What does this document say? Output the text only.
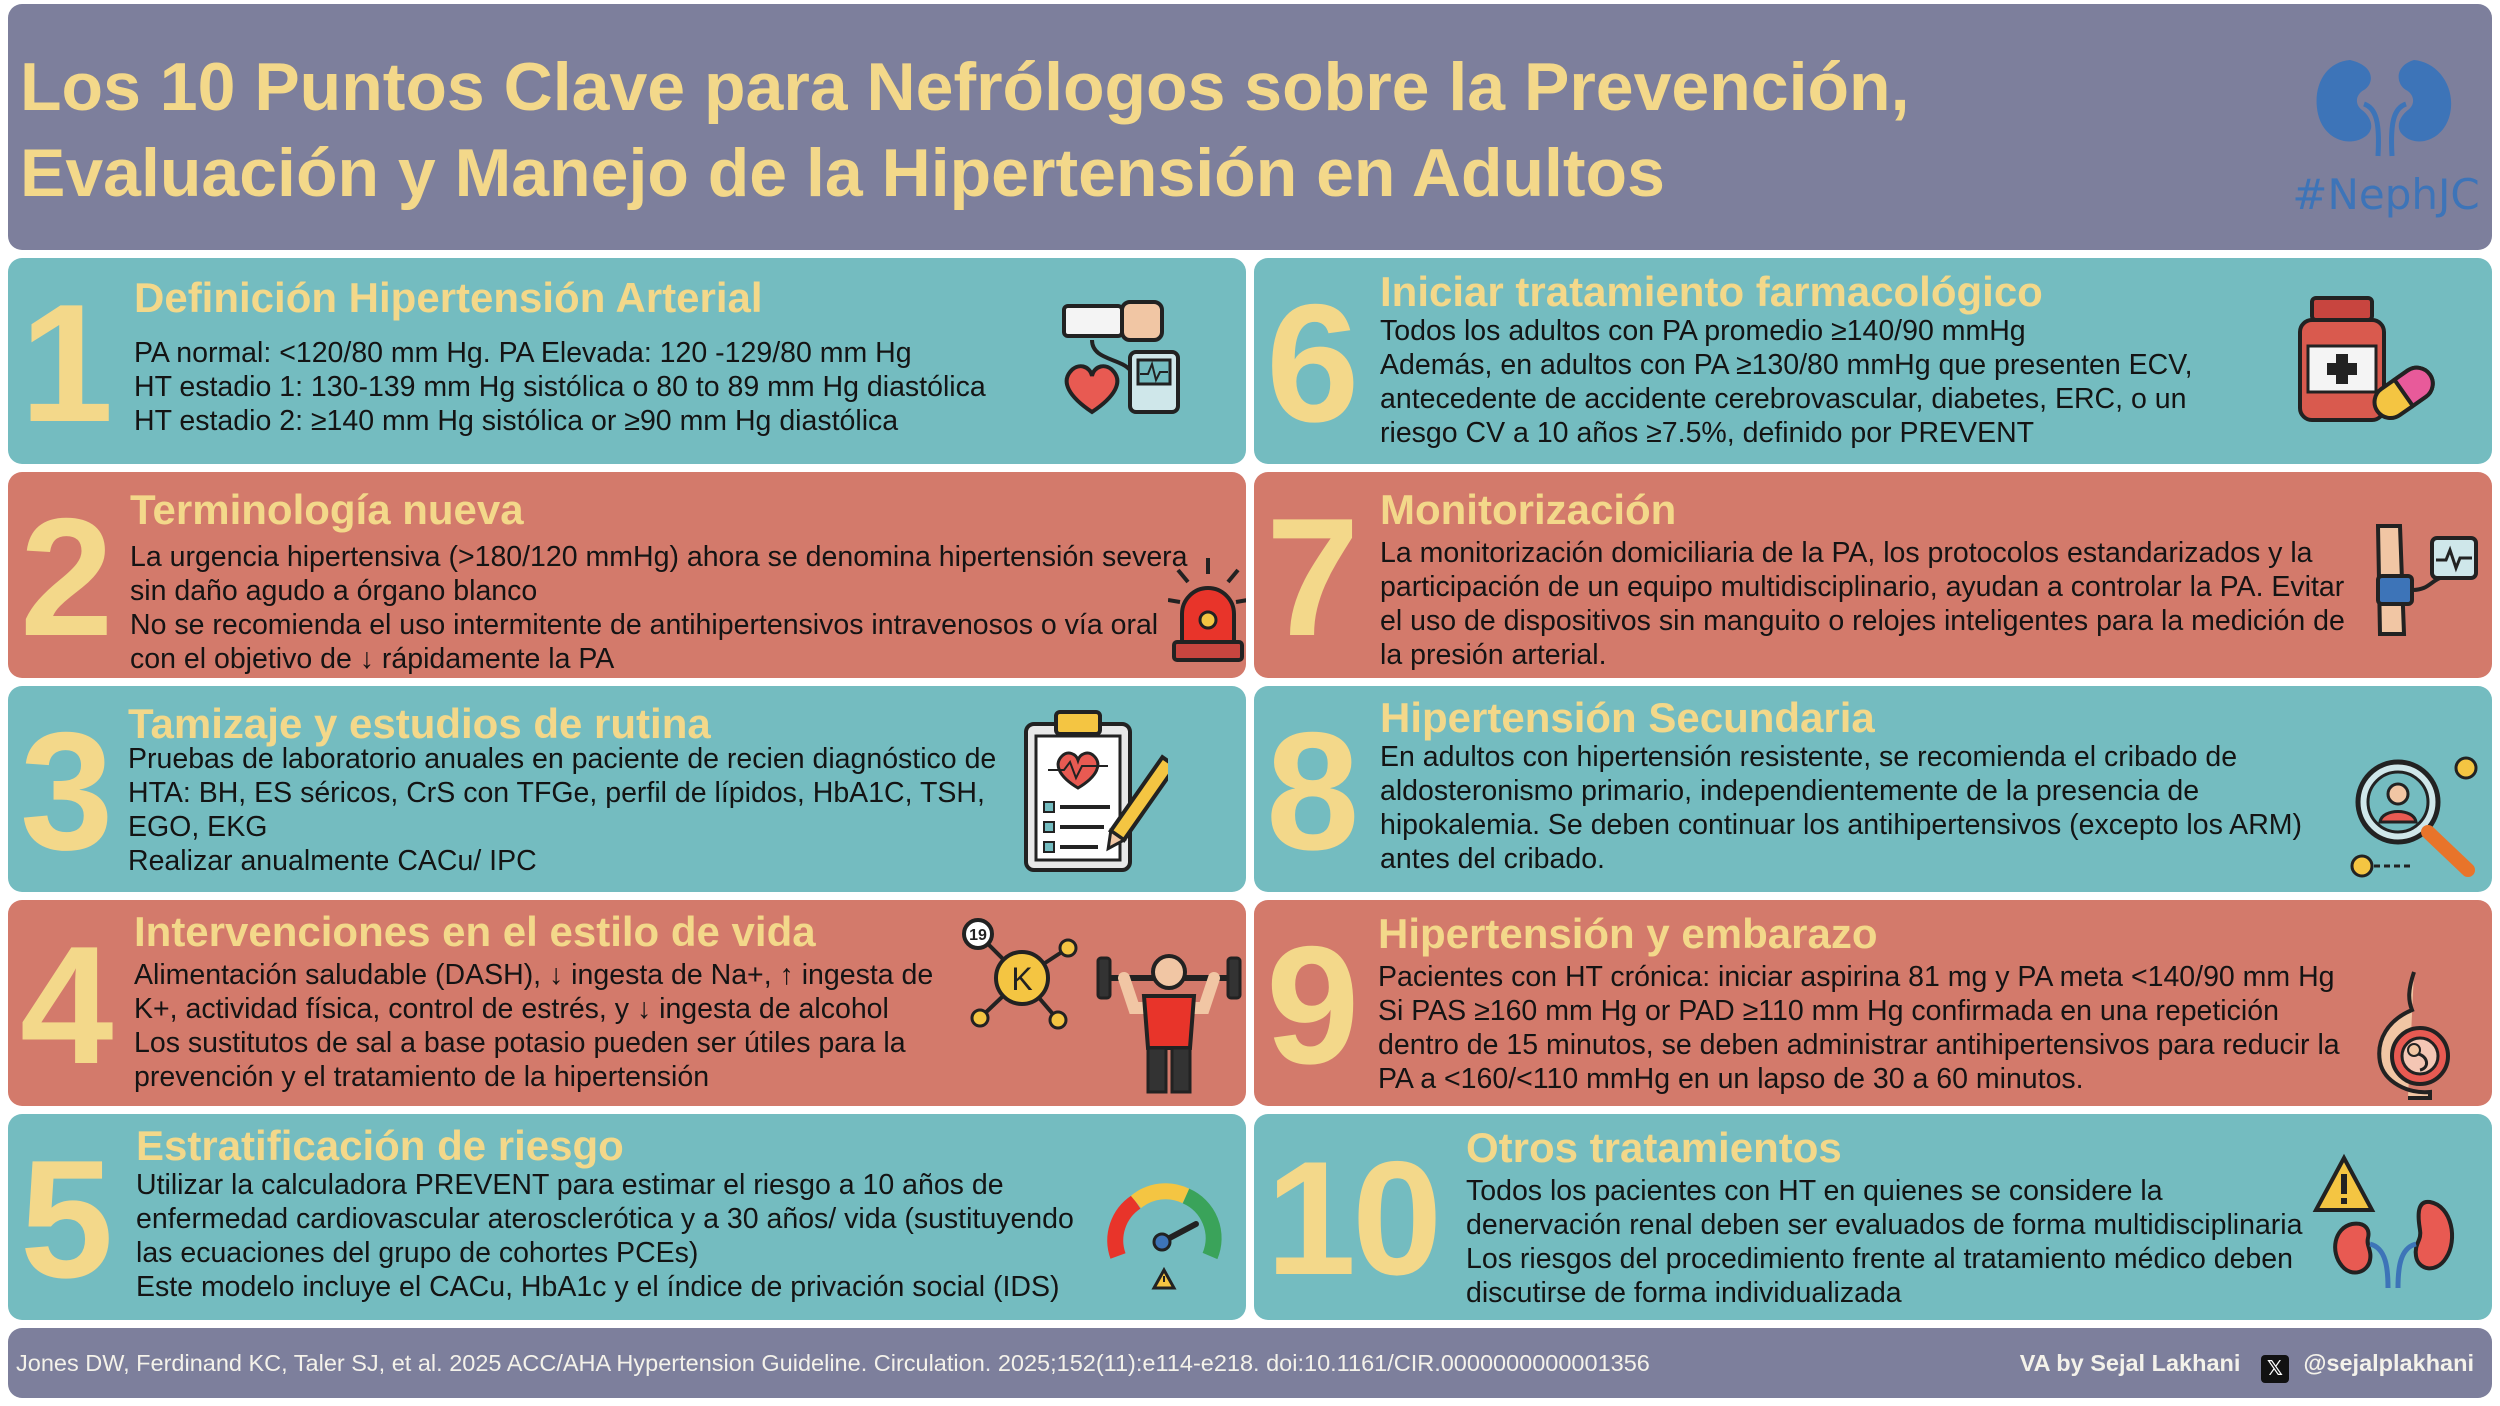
Los 10 Puntos Clave para Nefrólogos sobre la Prevención,
Evaluación y Manejo de la Hipertensión en Adultos	#NephJC
1 Definición Hipertensión Arterial
PA normal: <120/80 mm Hg. PA Elevada: 120 -129/80 mm Hg
HT estadio 1: 130-139 mm Hg sistólica o 80 to 89 mm Hg diastólica
HT estadio 2: ≥140 mm Hg sistólica or ≥90 mm Hg diastólica	6 Iniciar tratamiento farmacológico
Todos los adultos con PA promedio ≥140/90 mmHg
Además, en adultos con PA ≥130/80 mmHg que presenten ECV,
antecedente de accidente cerebrovascular, diabetes, ERC, o un
riesgo CV a 10 años ≥7.5%, definido por PREVENT
2 Terminología nueva
La urgencia hipertensiva (>180/120 mmHg) ahora se denomina hipertensión severa
sin daño agudo a órgano blanco
No se recomienda el uso intermitente de antihipertensivos intravenosos o vía oral
con el objetivo de ↓ rápidamente la PA	7 Monitorización
La monitorización domiciliaria de la PA, los protocolos estandarizados y la
participación de un equipo multidisciplinario, ayudan a controlar la PA. Evitar
el uso de dispositivos sin manguito o relojes inteligentes para la medición de
la presión arterial.
3 Tamizaje y estudios de rutina
Pruebas de laboratorio anuales en paciente de recien diagnóstico de
HTA: BH, ES séricos, CrS con TFGe, perfil de lípidos, HbA1C, TSH,
EGO, EKG
Realizar anualmente CACu/ IPC	8 Hipertensión Secundaria
En adultos con hipertensión resistente, se recomienda el cribado de
aldosteronismo primario, independientemente de la presencia de
hipokalemia. Se deben continuar los antihipertensivos (excepto los ARM)
antes del cribado.
4 Intervenciones en el estilo de vida
Alimentación saludable (DASH), ↓ ingesta de Na+, ↑ ingesta de
K+, actividad física, control de estrés, y ↓ ingesta de alcohol
Los sustitutos de sal a base potasio pueden ser útiles para la
prevención y el tratamiento de la hipertensión
19
K 9 Hipertensión y embarazo
Pacientes con HT crónica: iniciar aspirina 81 mg y PA meta <140/90 mm Hg
Si PAS ≥160 mm Hg or PAD ≥110 mm Hg confirmada en una repetición
dentro de 15 minutos, se deben administrar antihipertensivos para reducir la
PA a <160/<110 mmHg en un lapso de 30 a 60 minutos.
5 Estratificación de riesgo
Utilizar la calculadora PREVENT para estimar el riesgo a 10 años de
enfermedad cardiovascular aterosclerótica y a 30 años/ vida (sustituyendo
las ecuaciones del grupo de cohortes PCEs)
Este modelo incluye el CACu, HbA1c y el índice de privación social (IDS) 10 Otros tratamientos
Todos los pacientes con HT en quienes se considere la
denervación renal deben ser evaluados de forma multidisciplinaria
Los riesgos del procedimiento frente al tratamiento médico deben
discutirse de forma individualizada
Jones DW, Ferdinand KC, Taler SJ, et al. 2025 ACC/AHA Hypertension Guideline. Circulation. 2025;152(11):e114-e218. doi:10.1161/CIR.0000000000001356	VA by Sejal Lakhani 𝕏 @sejalplakhani
